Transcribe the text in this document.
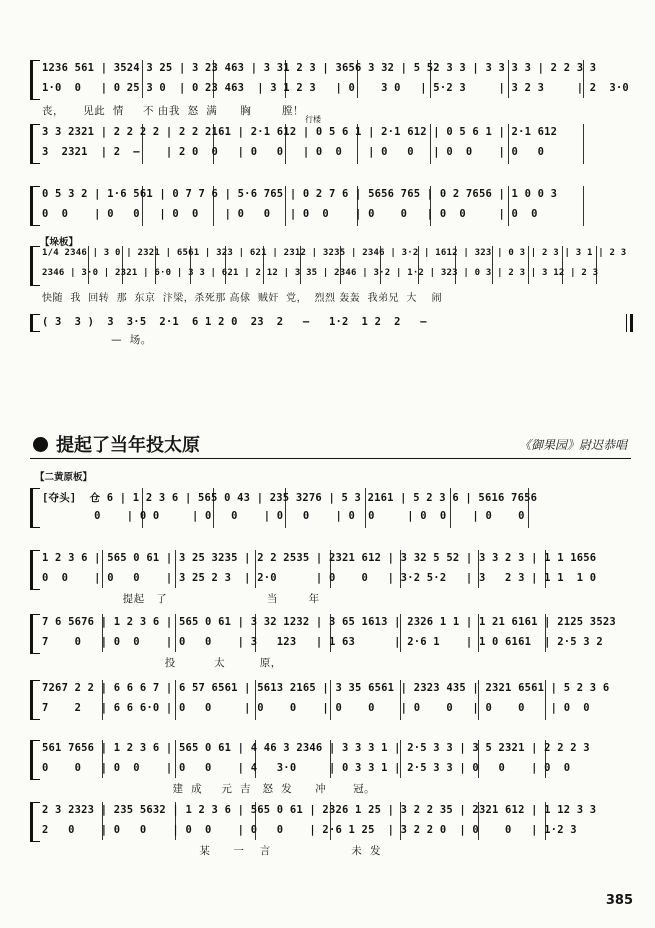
1236 561 | 3524 3 25 | 3 23 463 | 3 31 2 3 | 3656 3 32 | 5 52 3 3 | 3 3 3 3 | 2 2 3 3
1·0  0   | 0 25 3 0  | 0 23 463  | 3 1 2 3   | 0    3 0   | 5·2 3     | 3 2 3     | 2  3·0
丧，     见此  情     不 由我  怒  满      胸        膛！
行楼
3 3 2321 | 2 2 2 2 | 2 2 2161 | 2·1 612 | 0 5 6 1 | 2·1 612 | 0 5 6 1 | 2·1 612
3  2321  | 2  —    | 2 0  0   | 0   0   | 0  0    | 0   0   | 0  0    | 0   0
0 5 3 2 | 1·6 561 | 0 7 7 6 | 5·6 765 | 0 2 7 6 | 5656 765 | 0 2 7656 | 1 0 0 3
0  0    | 0   0   | 0  0    | 0   0   | 0  0    | 0    0   | 0  0     | 0  0
【垛板】
1/4 2346 | 3 0 | 2321 | 6561 | 323 | 621 | 2312 | 3235 | 2346 | 3·2 | 1612 | 323 | 0 3 | 2 3 | 3 1 | 2 3
2346 | 3·0 | 2321 | 6·0 | 3 3 | 621 | 2 12 | 3 35 | 2346 | 3·2 | 1·2 | 323 | 0 3 | 2 3 | 3 12 | 2 3
快随  我  回转  那  东京  汴梁，杀死那 高俅  贼奸  党，  烈烈 轰轰  我弟兄  大    闹
( 3  3 )  3  3·5  2·1  6 1 2 0  23  2   —   1·2  1 2  2   —
—  场。
提起了当年投太原	《御果园》尉迟恭唱
【二黄原板】
[夺头]  仓 6 | 1 2 3 6 | 565 0 43 | 235 3276 | 5 3 2161 | 5 2 3 6 | 5616 7656
0    | 0 0     | 0   0    | 0   0    | 0  0     | 0  0    | 0    0
1 2 3 6 | 565 0 61 | 3 25 3235 | 2 2 2535 | 2321 612 | 3 32 5 52 | 3 3 2 3 | 1 1 1656
0  0    | 0   0    | 3 25 2 3  | 2·0      | 0    0   | 3·2 5·2   | 3   2 3 | 1 1  1 0
提起   了                          当        年
7 6 5676 | 1 2 3 6 | 565 0 61 | 3 32 1232 | 3 65 1613 | 2326 1 1 | 1 21 6161 | 2125 3523
7    0   | 0  0    | 0   0    | 3   123   | 1 63      | 2·6 1    | 1 0 6161  | 2·5 3 2
投          太         原，
7267 2 2 | 6 6 6 7 | 6 57 6561 | 5613 2165 | 3 35 6561 | 2323 435 | 2321 6561 | 5 2 3 6
7    2   | 6 6 6·0 | 0   0     | 0    0    | 0    0    | 0    0   | 0    0    | 0  0
561 7656 | 1 2 3 6 | 565 0 61 | 4 46 3 2346 | 3 3 3 1 | 2·5 3 3 | 3 5 2321 | 2 2 2 3
0    0   | 0  0    | 0   0    | 4   3·0     | 0 3 3 1 | 2·5 3 3 | 0   0    | 0  0
建  成     元  吉   怒  发      冲       冠。
2 3 2323 | 235 5632 | 1 2 3 6 | 565 0 61 | 2326 1 25 | 3 2 2 35 | 2321 612 | 1 12 3 3
2   0    | 0   0    | 0  0    | 0   0    | 2·6 1 25  | 3 2 2 0  | 0    0   | 1·2 3
某      一    言                     未  发
385
